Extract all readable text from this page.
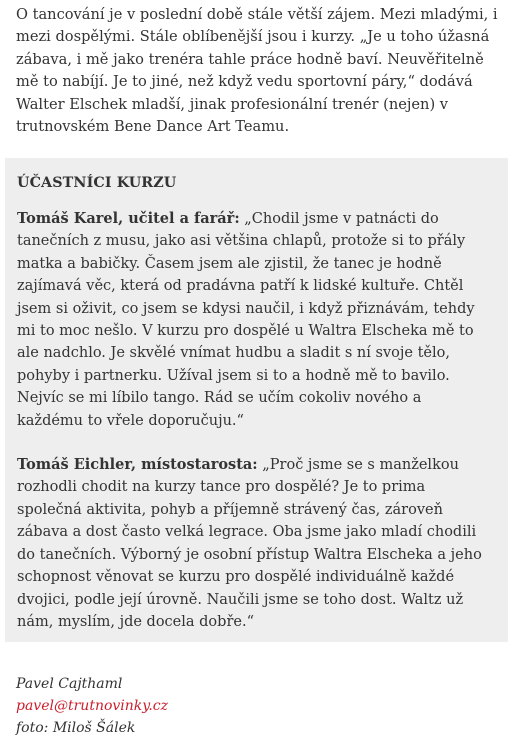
O tancování je v poslední době stále větší zájem. Mezi mladými, i mezi dospělými. Stále oblíbenější jsou i kurzy. „Je u toho úžasná zábava, i mě jako trenéra tahle práce hodně baví. Neuvěřitelně mě to nabíjí. Je to jiné, než když vedu sportovní páry,“ dodává Walter Elschek mladší, jinak profesionální trenér (nejen) v trutnovském Bene Dance Art Teamu.

ÚČASTNÍCI KURZU

Tomáš Karel, učitel a farář: „Chodil jsme v patnácti do tanečních z musu, jako asi většina chlapů, protože si to přály matka a babičky. Časem jsem ale zjistil, že tanec je hodně zajímavá věc, která od pradávna patří k lidské kultuře. Chtěl jsem si oživit, co jsem se kdysi naučil, i když přiznávám, tehdy mi to moc nešlo. V kurzu pro dospělé u Waltra Elscheka mě to ale nadchlo. Je skvělé vnímat hudbu a sladit s ní svoje tělo, pohyby i partnerku. Užíval jsem si to a hodně mě to bavilo. Nejvíc se mi líbilo tango. Rád se učím cokoliv nového a každému to vřele doporučuju.“

Tomáš Eichler, místostarosta: „Proč jsme se s manželkou rozhodli chodit na kurzy tance pro dospělé? Je to prima společná aktivita, pohyb a příjemně strávený čas, zároveň zábava a dost často velká legrace. Oba jsme jako mladí chodili do tanečních. Výborný je osobní přístup Waltra Elscheka a jeho schopnost věnovat se kurzu pro dospělé individuálně každé dvojici, podle její úrovně. Naučili jsme se toho dost. Waltz už nám, myslím, jde docela dobře.“

Pavel Cajthaml
pavel@trutnovinky.cz
foto: Miloš Šálek
